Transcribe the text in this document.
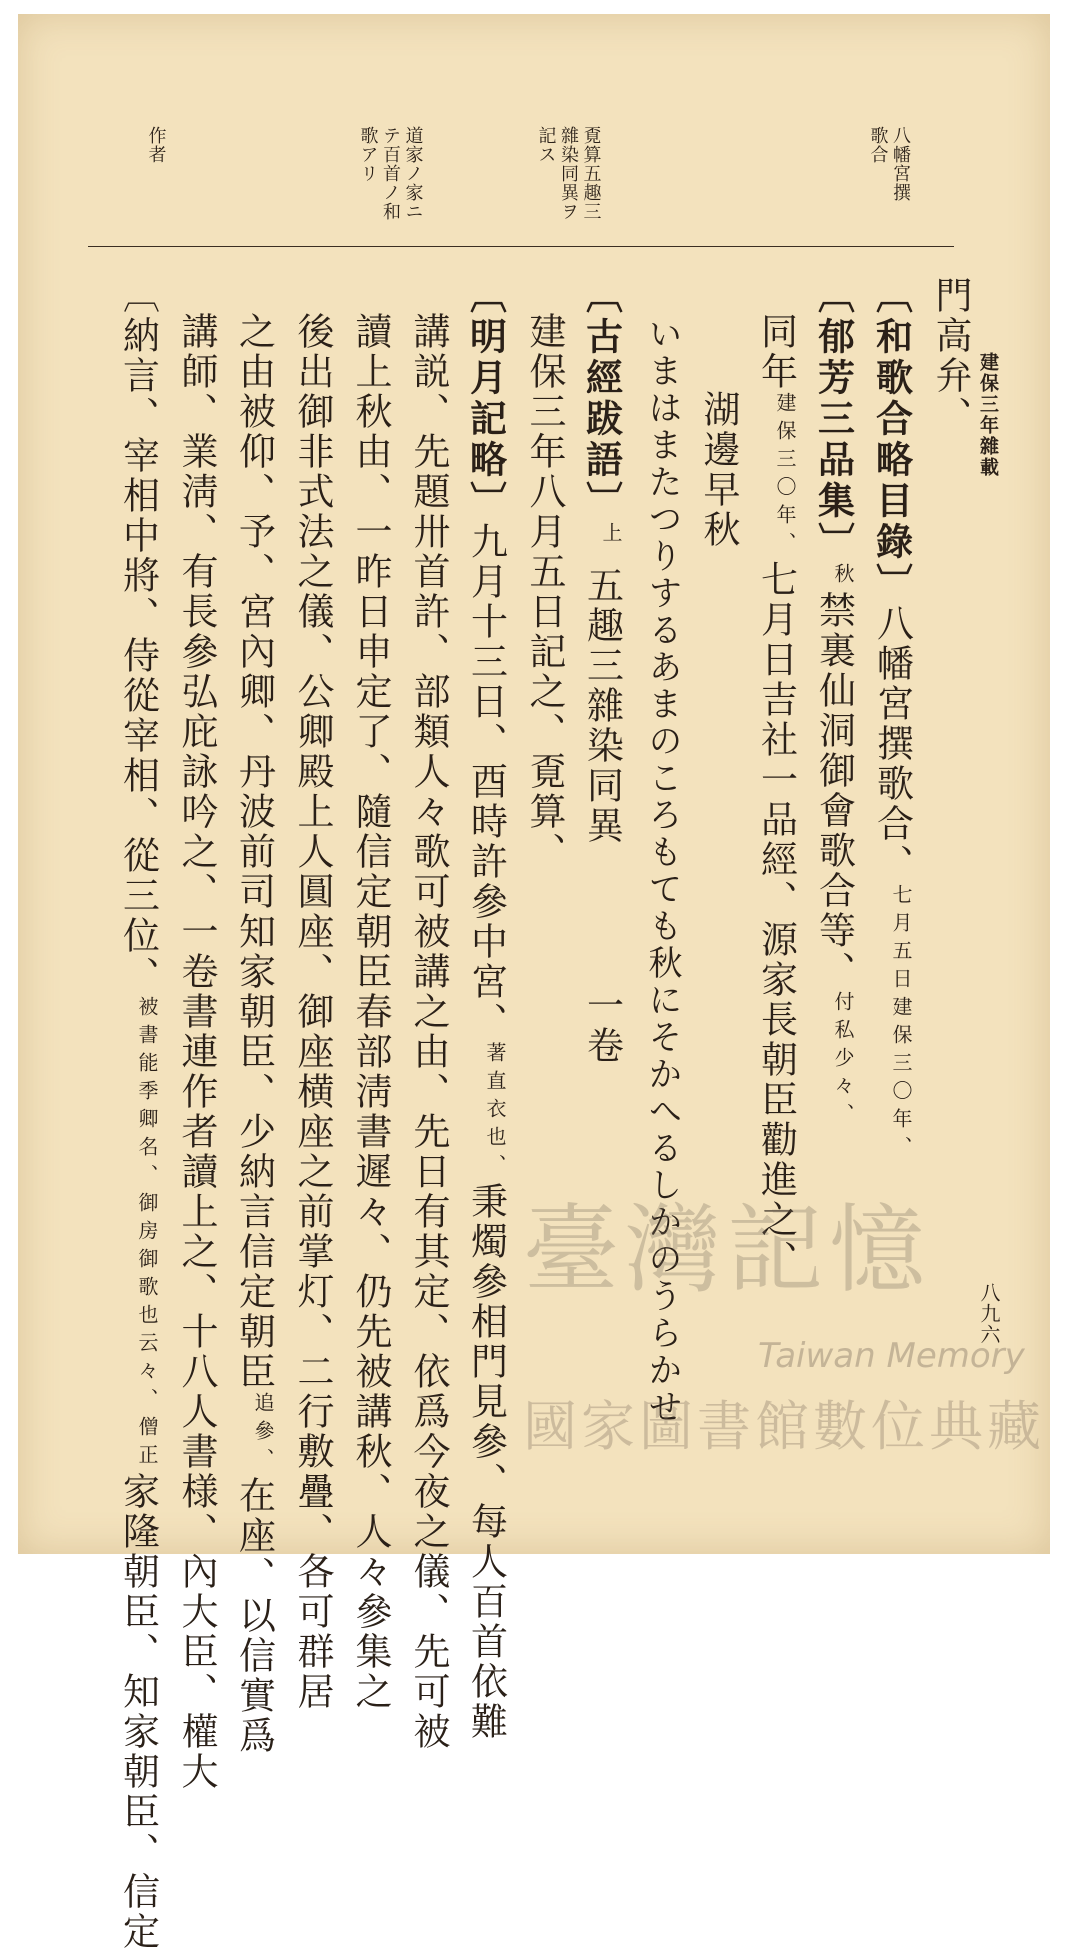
建保三年雜載
八九六
八幡宮撰歌合
覔算五趣三雜染同異ヲ記ス
道家ノ家ニテ百首ノ和歌アリ
作者
門高弁、
〔和歌合略目錄〕八幡宮撰歌合、七月五日建保三〇年、
〔郁芳三品集〕秋禁裏仙洞御會歌合等、付私少々、
同年建保三〇年、七月日吉社一品經、源家長朝臣勸進之、
湖邊早秋
いまはまたつりするあまのころもても秋にそかへるしかのうらかせ
〔古經跋語〕上五趣三雜染同異一卷
建保三年八月五日記之、覔算、
〔明月記略〕九月十三日、酉時許參中宮、著直衣也、秉燭參相門見參、每人百首依難
講説、先題卅首許、部類人々歌可被講之由、先日有其定、依爲今夜之儀、先可被
讀上秋由、一昨日申定了、隨信定朝臣春部淸書遲々、仍先被講秋、人々參集之
後出御非式法之儀、公卿殿上人圓座、御座横座之前掌灯、二行敷疊、各可群居
之由被仰、予、宮內卿、丹波前司知家朝臣、少納言信定朝臣追參、在座、以信實爲
講師、業淸、有長參弘庇詠吟之、一卷書連作者讀上之、十八人書様、內大臣、權大
〔納言、宰相中將、侍從宰相、從三位、被書能季卿名、御房御歌也云々、僧正家隆朝臣、知家朝臣、信定
臺灣記憶
Taiwan Memory
國家圖書館數位典藏
